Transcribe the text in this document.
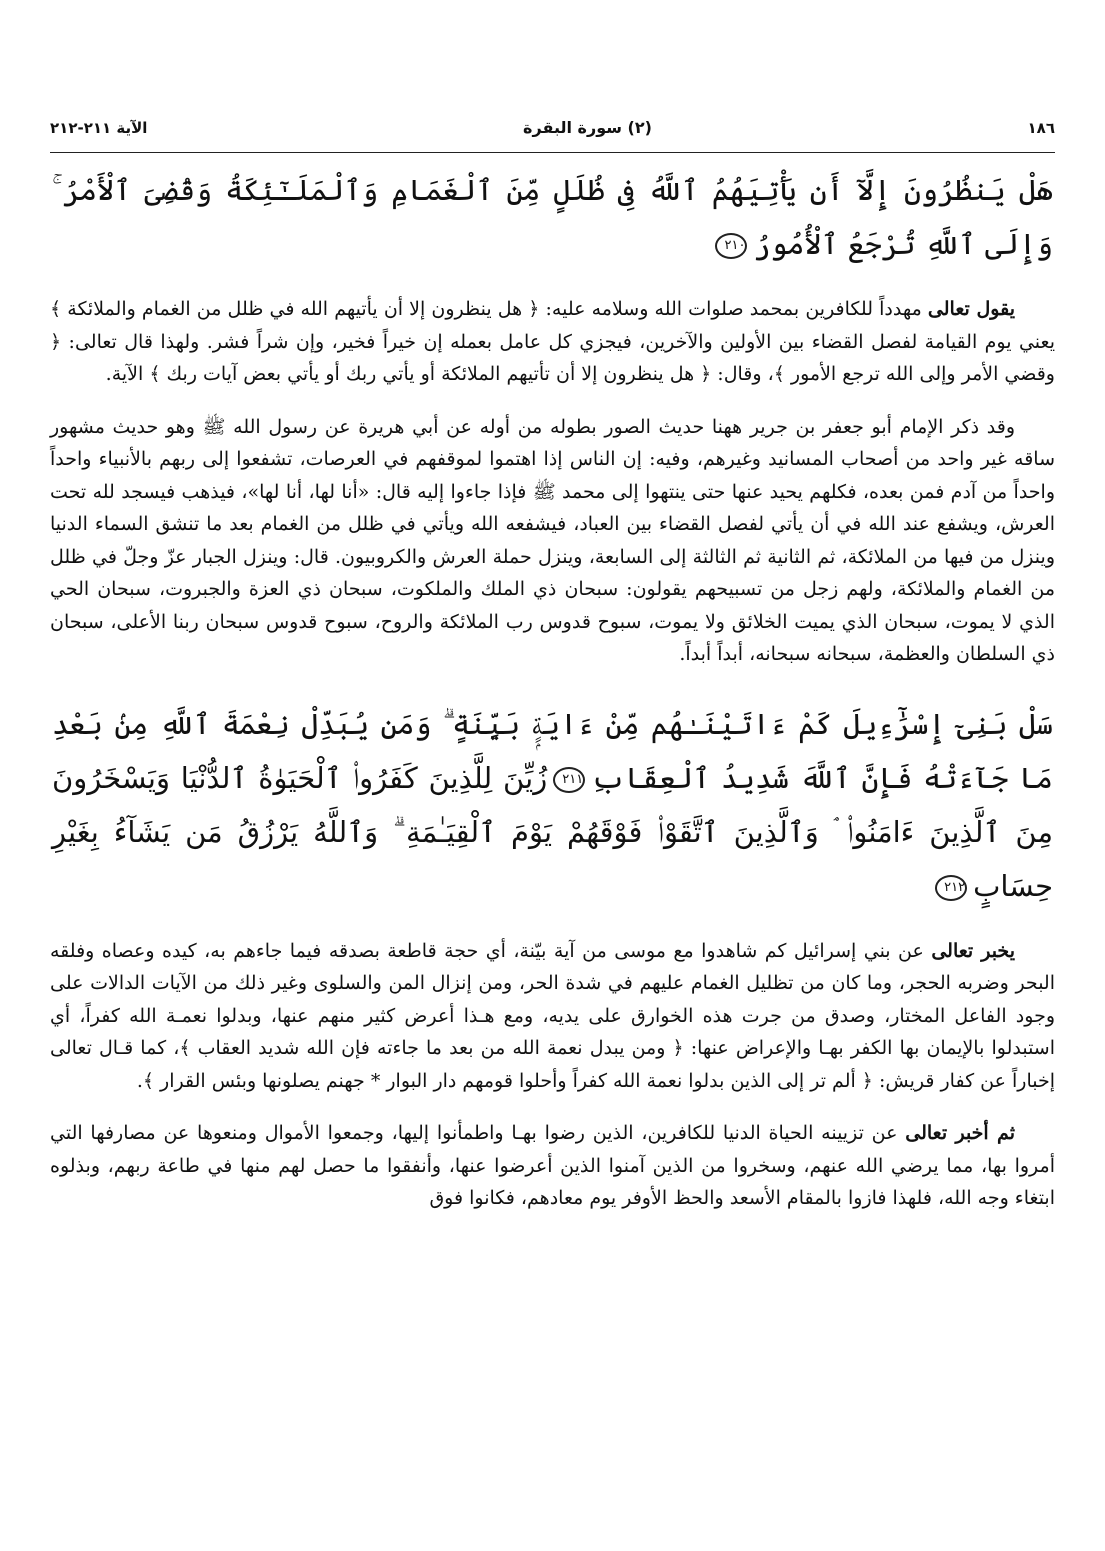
١٨٦
(٢) سورة البقرة
الآية ٢١١-٢١٢
هَلْ يَنظُرُونَ إِلَّآ أَن يَأْتِيَهُمُ ٱللَّهُ فِى ظُلَلٍ مِّنَ ٱلْغَمَامِ وَٱلْمَلَـٰٓئِكَةُ وَقُضِىَ ٱلْأَمْرُ ۚ وَإِلَى ٱللَّهِ تُرْجَعُ ٱلْأُمُورُ٢١٠

يقول تعالى مهدداً للكافرين بمحمد صلوات الله وسلامه عليه: ﴿ هل ينظرون إلا أن يأتيهم الله في ظلل من الغمام والملائكة ﴾ يعني يوم القيامة لفصل القضاء بين الأولين والآخرين، فيجزي كل عامل بعمله إن خيراً فخير، وإن شراً فشر. ولهذا قال تعالى: ﴿ وقضي الأمر وإلى الله ترجع الأمور ﴾، وقال: ﴿ هل ينظرون إلا أن تأتيهم الملائكة أو يأتي ربك أو يأتي بعض آيات ربك ﴾ الآية.

وقد ذكر الإمام أبو جعفر بن جرير ههنا حديث الصور بطوله من أوله عن أبي هريرة عن رسول الله ﷺ وهو حديث مشهور ساقه غير واحد من أصحاب المسانيد وغيرهم، وفيه: إن الناس إذا اهتموا لموقفهم في العرصات، تشفعوا إلى ربهم بالأنبياء واحداً واحداً من آدم فمن بعده، فكلهم يحيد عنها حتى ينتهوا إلى محمد ﷺ فإذا جاءوا إليه قال: «أنا لها، أنا لها»، فيذهب فيسجد لله تحت العرش، ويشفع عند الله في أن يأتي لفصل القضاء بين العباد، فيشفعه الله ويأتي في ظلل من الغمام بعد ما تنشق السماء الدنيا وينزل من فيها من الملائكة، ثم الثانية ثم الثالثة إلى السابعة، وينزل حملة العرش والكروبيون. قال: وينزل الجبار عزّ وجلّ في ظلل من الغمام والملائكة، ولهم زجل من تسبيحهم يقولون: سبحان ذي الملك والملكوت، سبحان ذي العزة والجبروت، سبحان الحي الذي لا يموت، سبحان الذي يميت الخلائق ولا يموت، سبوح قدوس رب الملائكة والروح، سبوح قدوس سبحان ربنا الأعلى، سبحان ذي السلطان والعظمة، سبحانه سبحانه، أبداً أبداً.

سَلْ بَنِىٓ إِسْرَٰٓءِيلَ كَمْ ءَاتَيْنَـٰهُم مِّنْ ءَايَةٍۭ بَيِّنَةٍ ۗ وَمَن يُبَدِّلْ نِعْمَةَ ٱللَّهِ مِنۢ بَعْدِ مَا جَآءَتْهُ فَإِنَّ ٱللَّهَ شَدِيدُ ٱلْعِقَابِ٢١١زُيِّنَ لِلَّذِينَ كَفَرُوا۟ ٱلْحَيَوٰةُ ٱلدُّنْيَا وَيَسْخَرُونَ مِنَ ٱلَّذِينَ ءَامَنُوا۟ ۘ وَٱلَّذِينَ ٱتَّقَوْا۟ فَوْقَهُمْ يَوْمَ ٱلْقِيَـٰمَةِ ۗ وَٱللَّهُ يَرْزُقُ مَن يَشَآءُ بِغَيْرِ حِسَابٍ٢١٢

يخبر تعالى عن بني إسرائيل كم شاهدوا مع موسى من آية بيّنة، أي حجة قاطعة بصدقه فيما جاءهم به، كيده وعصاه وفلقه البحر وضربه الحجر، وما كان من تظليل الغمام عليهم في شدة الحر، ومن إنزال المن والسلوى وغير ذلك من الآيات الدالات على وجود الفاعل المختار، وصدق من جرت هذه الخوارق على يديه، ومع هـذا أعرض كثير منهم عنها، وبدلوا نعمـة الله كفراً، أي استبدلوا بالإيمان بها الكفر بهـا والإعراض عنها: ﴿ ومن يبدل نعمة الله من بعد ما جاءته فإن الله شديد العقاب ﴾، كما قـال تعالى إخباراً عن كفار قريش: ﴿ ألم تر إلى الذين بدلوا نعمة الله كفراً وأحلوا قومهم دار البوار * جهنم يصلونها وبئس القرار ﴾.

ثم أخبر تعالى عن تزيينه الحياة الدنيا للكافرين، الذين رضوا بهـا واطمأنوا إليها، وجمعوا الأموال ومنعوها عن مصارفها التي أمروا بها، مما يرضي الله عنهم، وسخروا من الذين آمنوا الذين أعرضوا عنها، وأنفقوا ما حصل لهم منها في طاعة ربهم، وبذلوه ابتغاء وجه الله، فلهذا فازوا بالمقام الأسعد والحظ الأوفر يوم معادهم، فكانوا فوق
